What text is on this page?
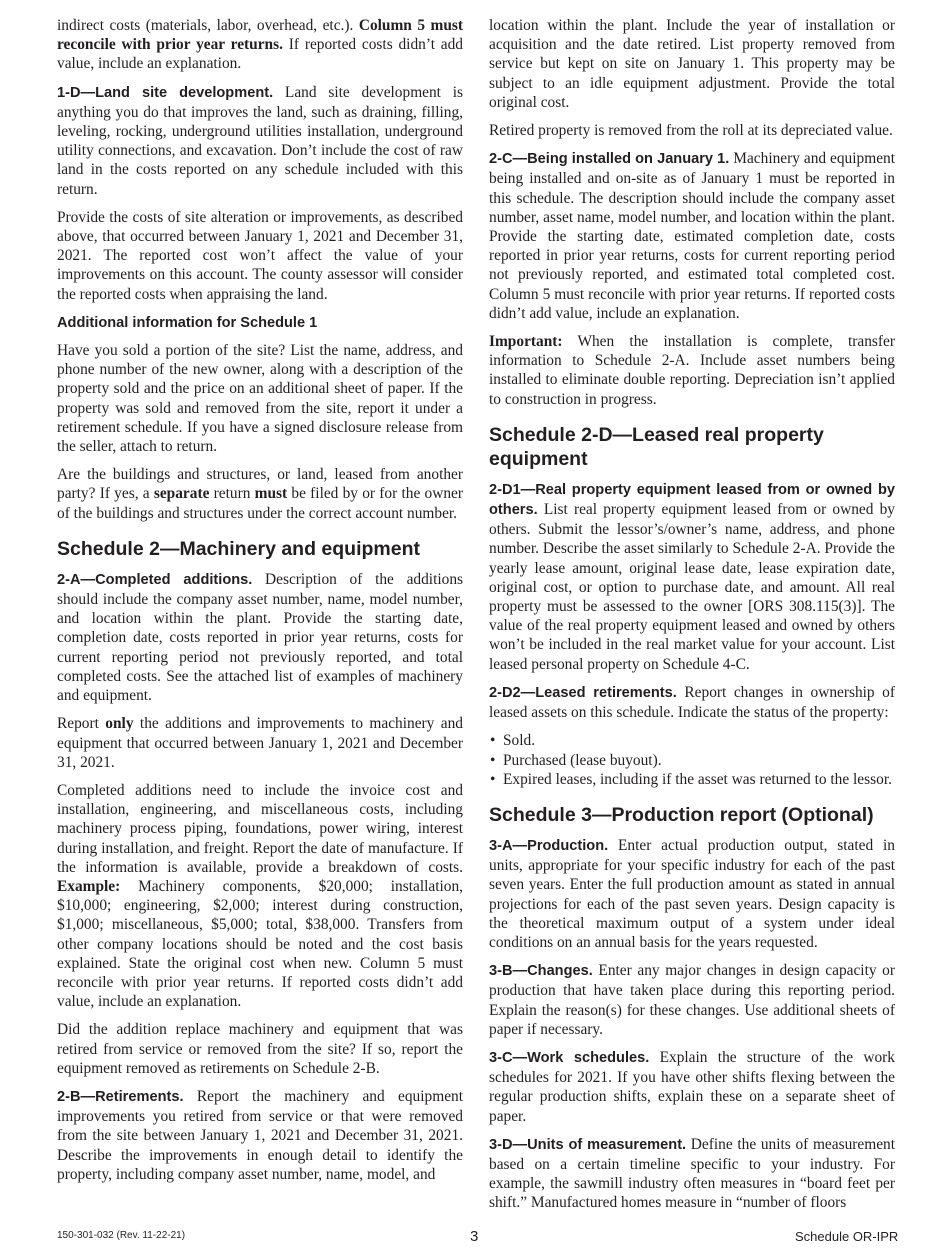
indirect costs (materials, labor, overhead, etc.). Column 5 must reconcile with prior year returns. If reported costs didn’t add value, include an explanation.

1-D—Land site development. Land site development is anything you do that improves the land, such as draining, filling, leveling, rocking, underground utilities installation, underground utility connections, and excavation. Don’t include the cost of raw land in the costs reported on any schedule included with this return.

Provide the costs of site alteration or improvements, as described above, that occurred between January 1, 2021 and December 31, 2021. The reported cost won’t affect the value of your improvements on this account. The county assessor will consider the reported costs when appraising the land.

Additional information for Schedule 1

Have you sold a portion of the site? List the name, address, and phone number of the new owner, along with a description of the property sold and the price on an additional sheet of paper. If the property was sold and removed from the site, report it under a retirement schedule. If you have a signed disclosure release from the seller, attach to return.

Are the buildings and structures, or land, leased from another party? If yes, a separate return must be filed by or for the owner of the buildings and structures under the correct account number.

Schedule 2—Machinery and equipment

2-A—Completed additions. Description of the additions should include the company asset number, name, model number, and location within the plant. Provide the starting date, completion date, costs reported in prior year returns, costs for current reporting period not previously reported, and total completed costs. See the attached list of examples of machinery and equipment.

Report only the additions and improvements to machinery and equipment that occurred between January 1, 2021 and December 31, 2021.

Completed additions need to include the invoice cost and installation, engineering, and miscellaneous costs, including machinery process piping, foundations, power wiring, interest during installation, and freight. Report the date of manufacture. If the information is available, provide a breakdown of costs. Example: Machinery components, $20,000; installation, $10,000; engineering, $2,000; interest during construction, $1,000; miscellaneous, $5,000; total, $38,000. Transfers from other company locations should be noted and the cost basis explained. State the original cost when new. Column 5 must reconcile with prior year returns. If reported costs didn’t add value, include an explanation.

Did the addition replace machinery and equipment that was retired from service or removed from the site? If so, report the equipment removed as retirements on Schedule 2-B.

2-B—Retirements. Report the machinery and equipment improvements you retired from service or that were removed from the site between January 1, 2021 and December 31, 2021. Describe the improvements in enough detail to identify the property, including company asset number, name, model, and

location within the plant. Include the year of installation or acquisition and the date retired. List property removed from service but kept on site on January 1. This property may be subject to an idle equipment adjustment. Provide the total original cost.

Retired property is removed from the roll at its depreciated value.

2-C—Being installed on January 1. Machinery and equipment being installed and on-site as of January 1 must be reported in this schedule. The description should include the company asset number, asset name, model number, and location within the plant. Provide the starting date, estimated completion date, costs reported in prior year returns, costs for current reporting period not previously reported, and estimated total completed cost. Column 5 must reconcile with prior year returns. If reported costs didn’t add value, include an explanation.

Important: When the installation is complete, transfer information to Schedule 2-A. Include asset numbers being installed to eliminate double reporting. Depreciation isn’t applied to construction in progress.

Schedule 2-D—Leased real property equipment

2-D1—Real property equipment leased from or owned by others. List real property equipment leased from or owned by others. Submit the lessor’s/owner’s name, address, and phone number. Describe the asset similarly to Schedule 2-A. Provide the yearly lease amount, original lease date, lease expiration date, original cost, or option to purchase date, and amount. All real property must be assessed to the owner [ORS 308.115(3)]. The value of the real property equipment leased and owned by others won’t be included in the real market value for your account. List leased personal property on Schedule 4-C.

2-D2—Leased retirements. Report changes in ownership of leased assets on this schedule. Indicate the status of the property:

• Sold.
• Purchased (lease buyout).
• Expired leases, including if the asset was returned to the lessor.
Schedule 3—Production report (Optional)

3-A—Production. Enter actual production output, stated in units, appropriate for your specific industry for each of the past seven years. Enter the full production amount as stated in annual projections for each of the past seven years. Design capacity is the theoretical maximum output of a system under ideal conditions on an annual basis for the years requested.

3-B—Changes. Enter any major changes in design capacity or production that have taken place during this reporting period. Explain the reason(s) for these changes. Use additional sheets of paper if necessary.

3-C—Work schedules. Explain the structure of the work schedules for 2021. If you have other shifts flexing between the regular production shifts, explain these on a separate sheet of paper.

3-D—Units of measurement. Define the units of measurement based on a certain timeline specific to your industry. For example, the sawmill industry often measures in “board feet per shift.” Manufactured homes measure in “number of floors

150-301-032 (Rev. 11-22-21)	3	Schedule OR-IPR
